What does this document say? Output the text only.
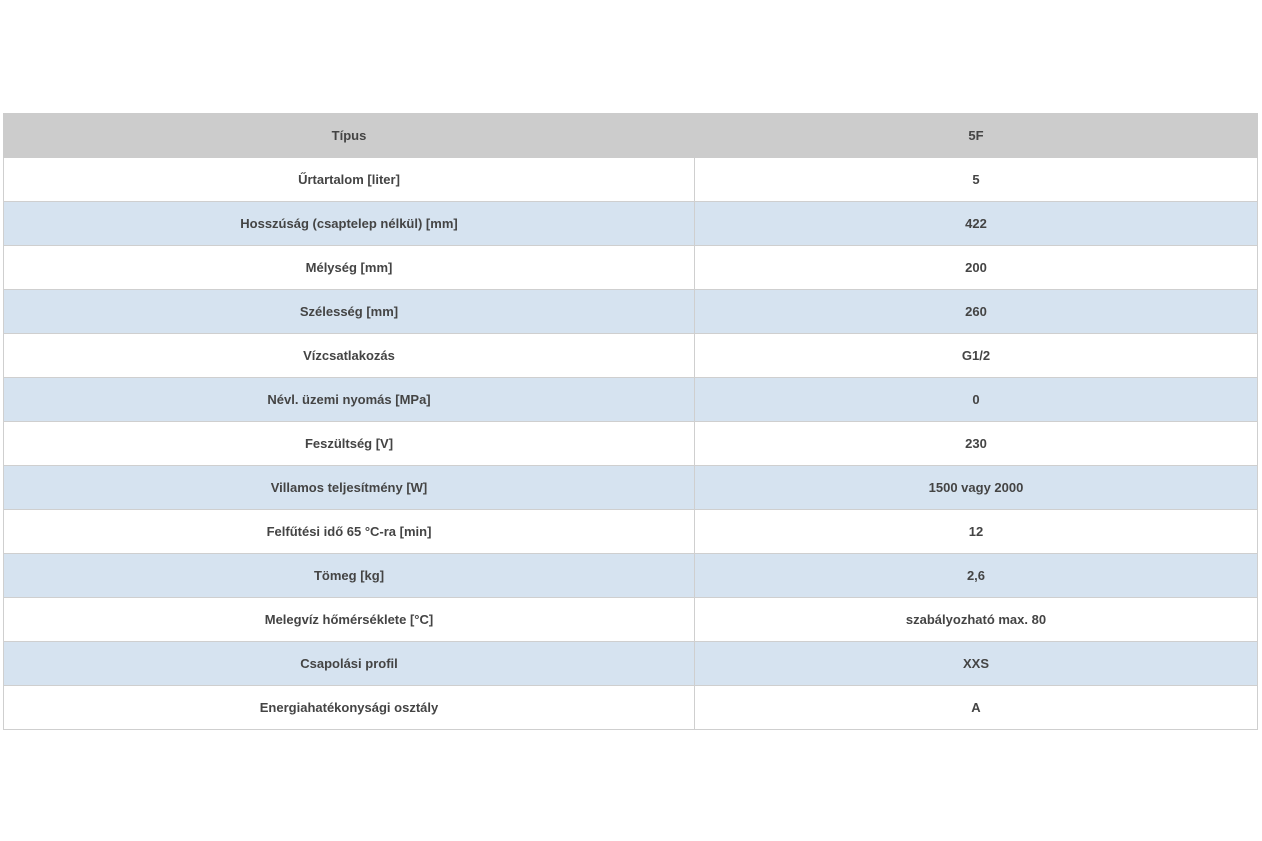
Típus	5F
Űrtartalom [liter]	5
Hosszúság (csaptelep nélkül) [mm]	422
Mélység [mm]	200
Szélesség [mm]	260
Vízcsatlakozás	G1/2
Névl. üzemi nyomás [MPa]	0
Feszültség [V]	230
Villamos teljesítmény [W]	1500 vagy 2000
Felfűtési idő 65 °C-ra [min]	12
Tömeg [kg]	2,6
Melegvíz hőmérséklete [°C]	szabályozható max. 80
Csapolási profil	XXS
Energiahatékonysági osztály	A
